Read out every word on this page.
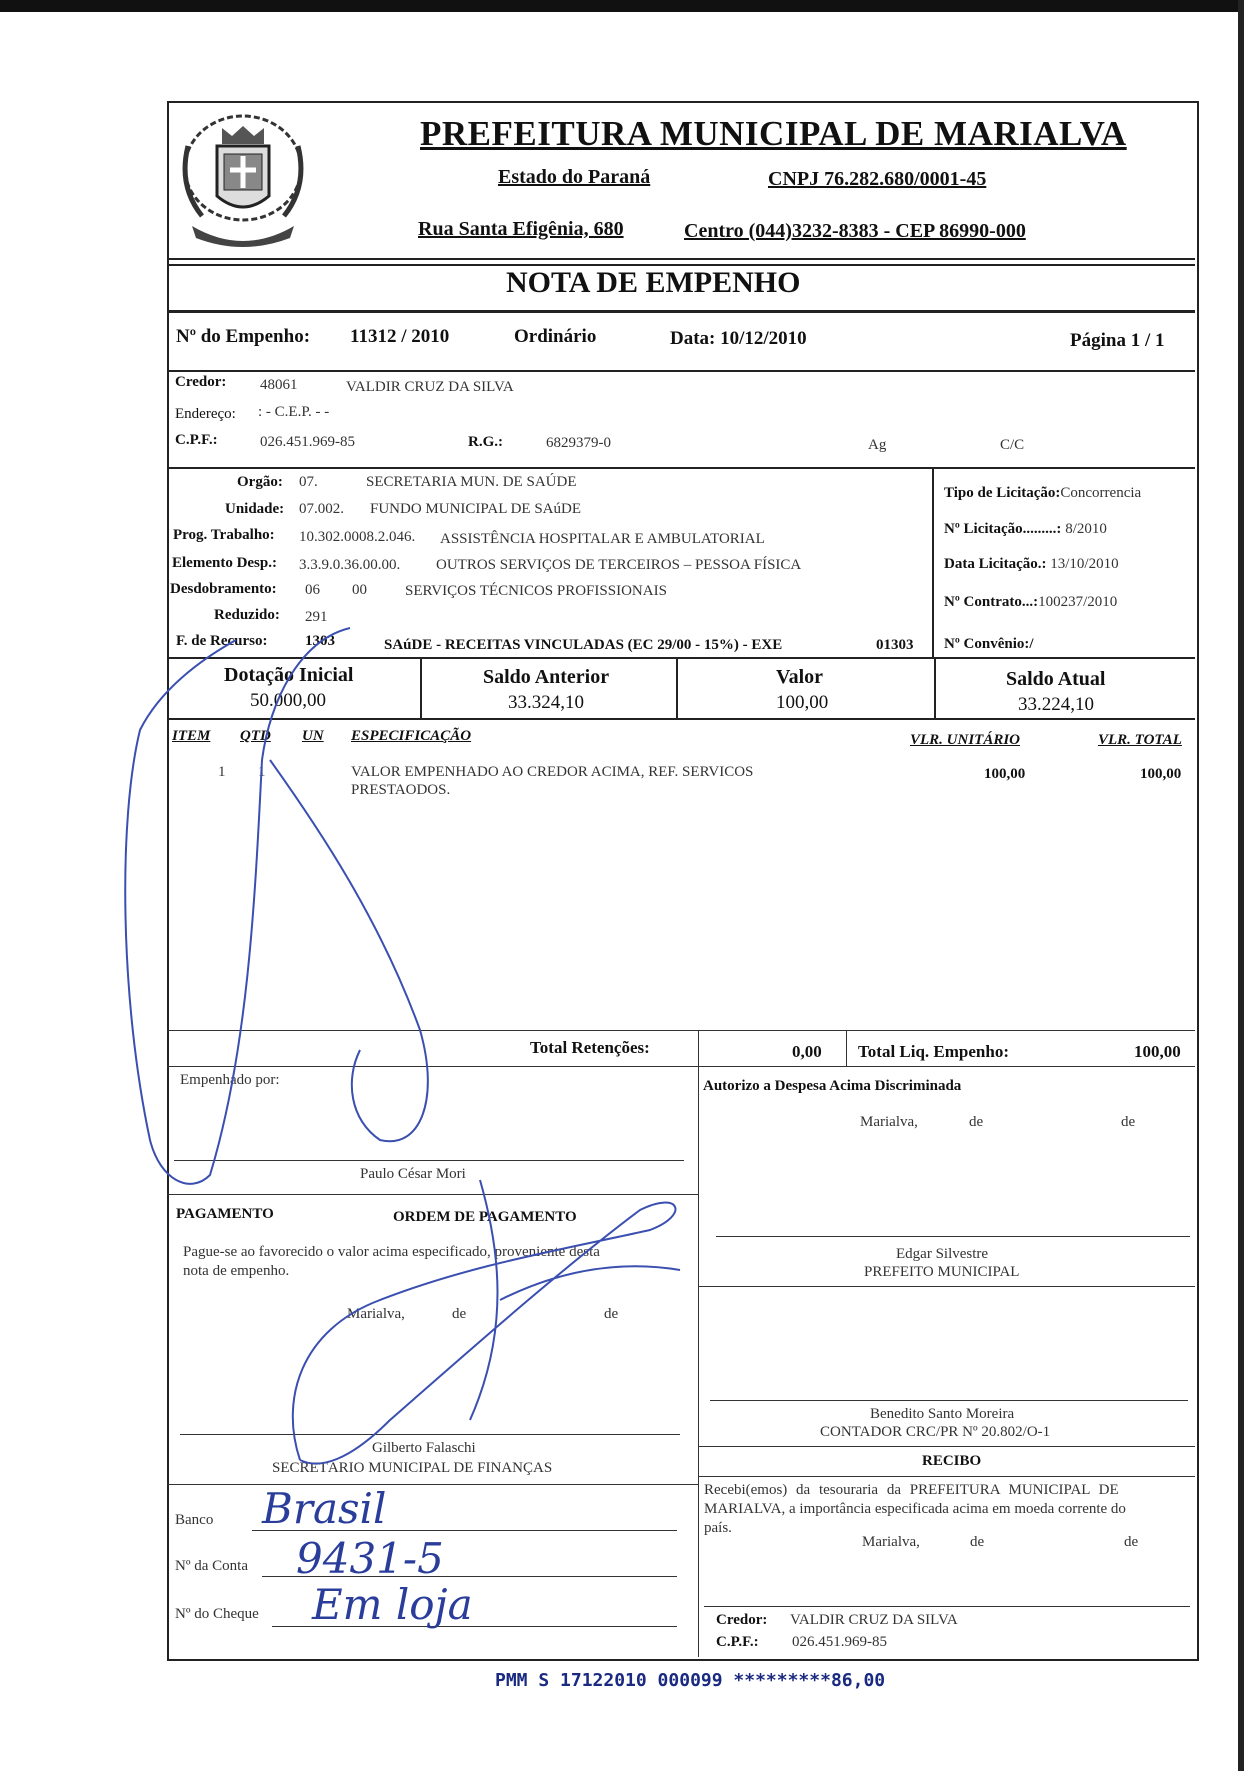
PREFEITURA MUNICIPAL DE MARIALVA
Estado do Paraná	CNPJ 76.282.680/0001-45
Rua Santa Efigênia, 680	Centro (044)3232-8383 - CEP 86990-000
NOTA DE EMPENHO
Nº do Empenho: 11312 / 2010	Ordinário	Data: 10/12/2010	Página 1 / 1
Credor: 48061	VALDIR CRUZ DA SILVA
Endereço: : - C.E.P. - -
C.P.F.:	026.451.969-85	R.G.:	6829379-0	Ag	C/C
Orgão: 07.	SECRETARIA MUN. DE SAÚDE
Unidade: 07.002. FUNDO MUNICIPAL DE SAúDE
Prog. Trabalho: 10.302.0008.2.046. ASSISTÊNCIA HOSPITALAR E AMBULATORIAL
Elemento Desp.: 3.3.9.0.36.00.00. OUTROS SERVIÇOS DE TERCEIROS – PESSOA FÍSICA
Desdobramento: 06 00	SERVIÇOS TÉCNICOS PROFISSIONAIS
Reduzido: 291
F. de Recurso: 1303	SAúDE - RECEITAS VINCULADAS (EC 29/00 - 15%) - EXE	01303
Tipo de Licitação:Concorrencia
Nº Licitação.........: 8/2010
Data Licitação.: 13/10/2010
Nº Contrato...:100237/2010
Nº Convênio:/
Dotação Inicial
50.000,00
Saldo Anterior
33.324,10
Valor
100,00
Saldo Atual
33.224,10
ITEM QTD UN ESPECIFICAÇÃO	VLR. UNITÁRIO	VLR. TOTAL
1 1	VALOR EMPENHADO AO CREDOR ACIMA, REF. SERVICOS
PRESTAODOS.
100,00	100,00
Total Retenções:	0,00 Total Liq. Empenho:	100,00
Empenhado por:
Paulo César Mori
PAGAMENTO	ORDEM DE PAGAMENTO
Pague-se ao favorecido o valor acima especificado, proveniente desta
nota de empenho.
Marialva,	de	de
Gilberto Falaschi
SECRETÁRIO MUNICIPAL DE FINANÇAS
Banco Brasil
Nº da Conta 9431-5
Nº do Cheque Em loja
Autorizo a Despesa Acima Discriminada
Marialva,	de	de
Edgar Silvestre
PREFEITO MUNICIPAL
Benedito Santo Moreira
CONTADOR CRC/PR Nº 20.802/O-1
RECIBO
Recebi(emos) da tesouraria da PREFEITURA MUNICIPAL DE
MARIALVA, a importância especificada acima em moeda corrente do
país.
Marialva,	de	de
Credor: VALDIR CRUZ DA SILVA
C.P.F.: 026.451.969-85
PMM S 17122010 000099 *********86,00
